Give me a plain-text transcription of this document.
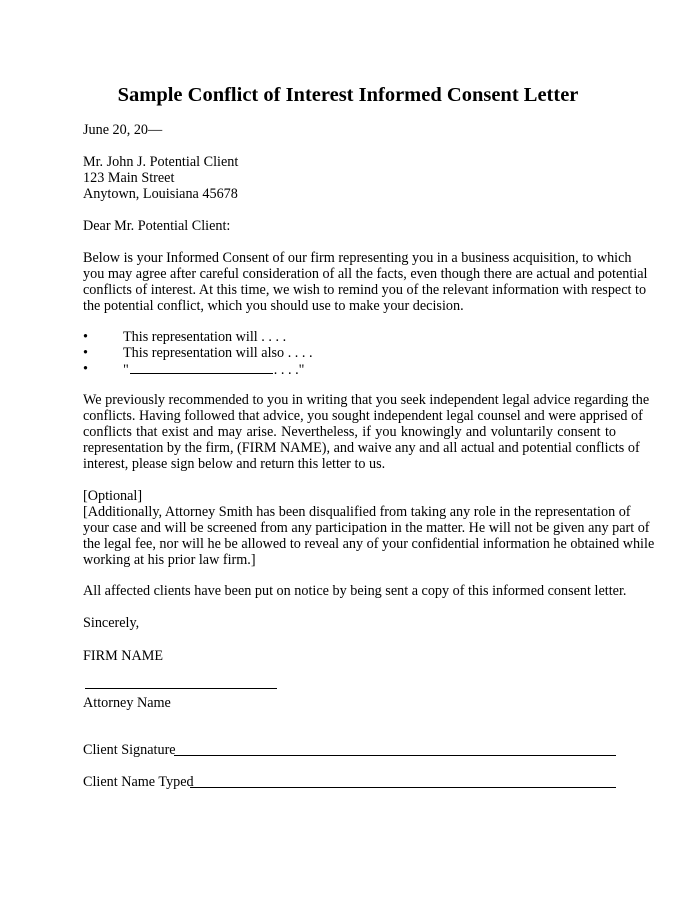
Sample Conflict of Interest Informed Consent Letter
June 20, 20—
Mr. John J. Potential Client
123 Main Street
Anytown, Louisiana 45678
Dear Mr. Potential Client:
Below is your Informed Consent of our firm representing you in a business acquisition, to which
you may agree after careful consideration of all the facts, even though there are actual and potential
conflicts of interest. At this time, we wish to remind you of the relevant information with respect to
the potential conflict, which you should use to make your decision.
• This representation will . . . .
• This representation will also . . . .
• "	. . . ."
We previously recommended to you in writing that you seek independent legal advice regarding the
conflicts. Having followed that advice, you sought independent legal counsel and were apprised of
conflicts that exist and may arise. Nevertheless, if you knowingly and voluntarily consent to
representation by the firm, (FIRM NAME), and waive any and all actual and potential conflicts of
interest, please sign below and return this letter to us.
[Optional]
[Additionally, Attorney Smith has been disqualified from taking any role in the representation of
your case and will be screened from any participation in the matter. He will not be given any part of
the legal fee, nor will he be allowed to reveal any of your confidential information he obtained while
working at his prior law firm.]
All affected clients have been put on notice by being sent a copy of this informed consent letter.
Sincerely,
FIRM NAME
Attorney Name
Client Signature
Client Name Typed
